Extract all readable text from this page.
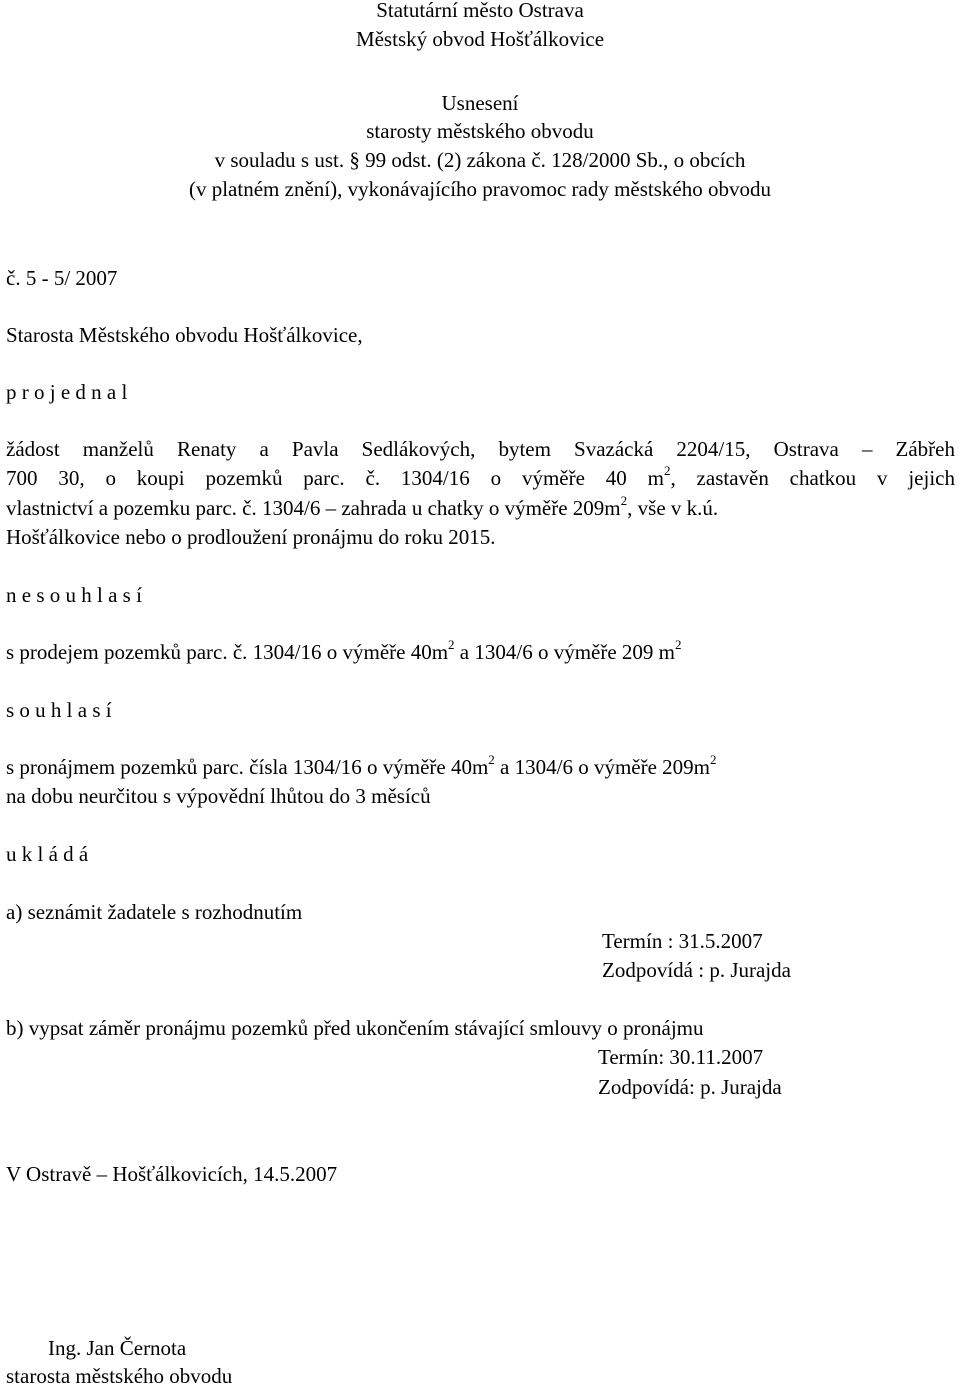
Statutární město Ostrava
Městský obvod Hošťálkovice
Usnesení
starosty městského obvodu
v souladu s ust. § 99 odst. (2) zákona č. 128/2000 Sb., o obcích
(v platném znění), vykonávajícího pravomoc rady městského obvodu
č. 5 - 5/ 2007
Starosta Městského obvodu Hošťálkovice,
p r o j e d n a l
žádost manželů Renaty a Pavla Sedlákových, bytem Svazácká 2204/15, Ostrava – Zábřeh
700 30, o koupi pozemků parc. č. 1304/16 o výměře 40 $m^2$, zastavěn chatkou v jejich
vlastnictví a pozemku parc. č. 1304/6 – zahrada u chatky o výměře $209m^2$, vše v k.ú.
Hošťálkovice nebo o prodloužení pronájmu do roku 2015.
n e s o u h l a s í
s prodejem pozemků parc. č. 1304/16 o výměře $40m^2$ a 1304/6 o výměře 209 $m^2$
s o u h l a s í
s pronájmem pozemků parc. čísla 1304/16 o výměře $40m^2$ a 1304/6 o výměře $209m^2$
na dobu neurčitou s výpovědní lhůtou do 3 měsíců
u k l á d á
a) seznámit žadatele s rozhodnutím
Termín : 31.5.2007
Zodpovídá : p. Jurajda
b) vypsat záměr pronájmu pozemků před ukončením stávající smlouvy o pronájmu
Termín: 30.11.2007
Zodpovídá: p. Jurajda
V Ostravě – Hošťálkovicích, 14.5.2007
Ing. Jan Černota
starosta městského obvodu
